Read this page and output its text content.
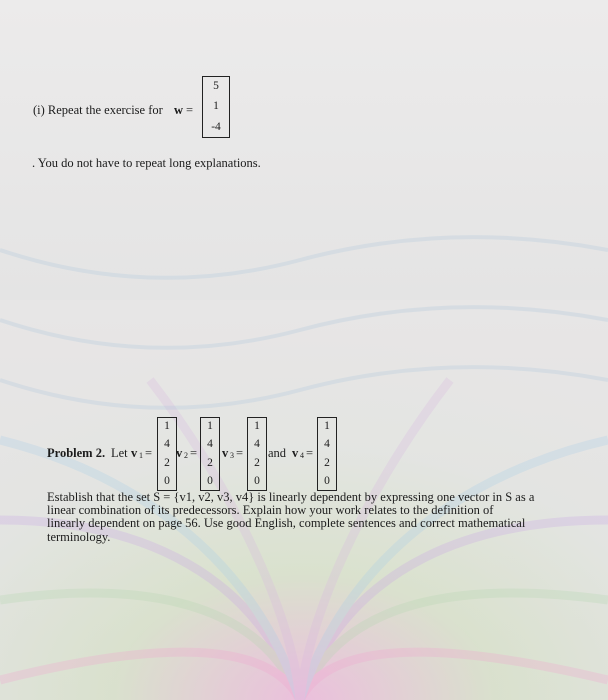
(i) Repeat the exercise for w =
5
1
-4
. You do not have to repeat long explanations.
Problem 2. Let v 1 =
1
4
2
0
v 2 =
1
4
2
0
v 3 =
1
4
2
0
and v 4 =
1
4
2
0
Establish that the set S = {v1, v2, v3, v4} is linearly dependent by expressing one vector in S as a
linear combination of its predecessors. Explain how your work relates to the definition of
linearly dependent on page 56. Use good English, complete sentences and correct mathematical
terminology.
